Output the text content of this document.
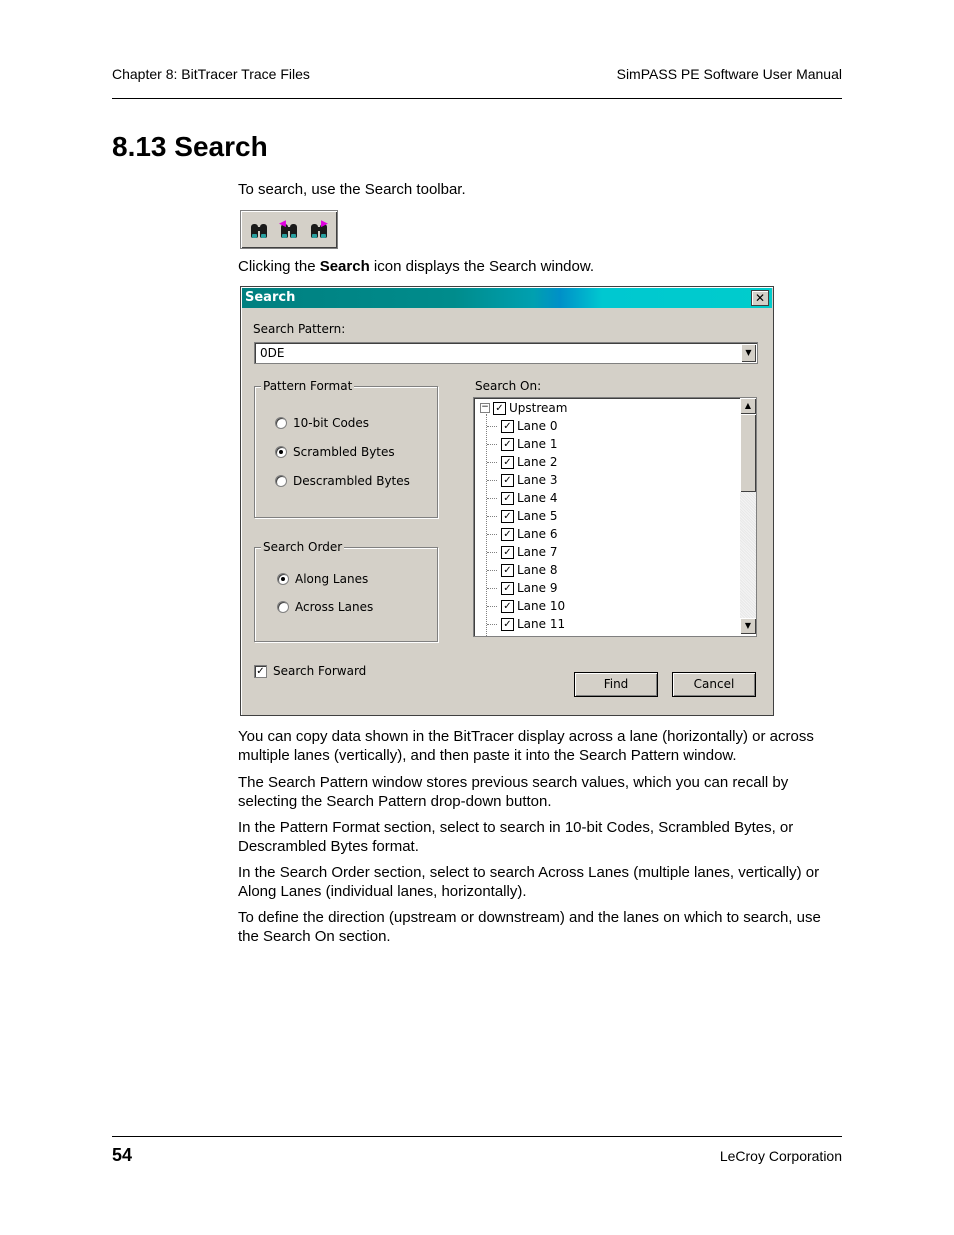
Chapter 8: BitTracer Trace Files	SimPASS PE Software User Manual
8.13 Search
To search, use the Search toolbar.
◀	▶
Clicking the Search icon displays the Search window.
Search	✕
Search Pattern:
0DE	▼
Pattern Format
10-bit Codes
Scrambled Bytes
Descrambled Bytes
Search Order
Along Lanes
Across Lanes
Search On:
− ✓ Upstream
✓ Lane 0
✓ Lane 1
✓ Lane 2
✓ Lane 3
✓ Lane 4
✓ Lane 5
✓ Lane 6
✓ Lane 7
✓ Lane 8
✓ Lane 9
✓ Lane 10
✓ Lane 11
▲
▼
✓ Search Forward
Find	Cancel
You can copy data shown in the BitTracer display across a lane (horizontally) or across multiple lanes (vertically), and then paste it into the Search Pattern window.
The Search Pattern window stores previous search values, which you can recall by selecting the Search Pattern drop-down button.
In the Pattern Format section, select to search in 10-bit Codes, Scrambled Bytes, or Descrambled Bytes format.
In the Search Order section, select to search Across Lanes (multiple lanes, vertically) or Along Lanes (individual lanes, horizontally).
To define the direction (upstream or downstream) and the lanes on which to search, use the Search On section.
54	LeCroy Corporation
